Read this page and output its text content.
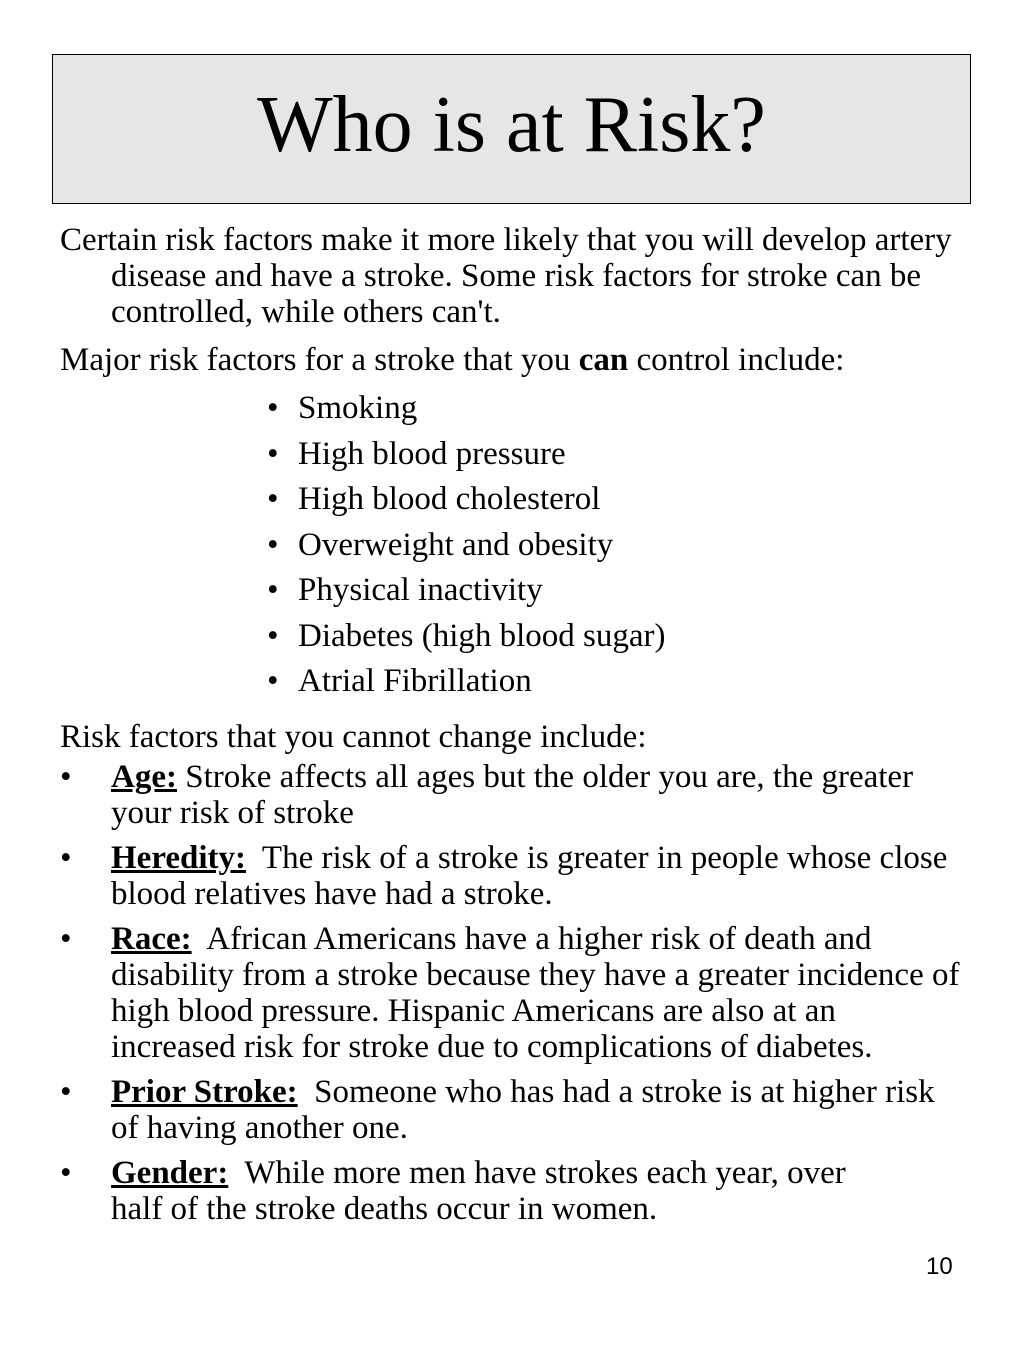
Who is at Risk?

Certain risk factors make it more likely that you will develop artery disease and have a stroke. Some risk factors for stroke can be controlled, while others can't.

Major risk factors for a stroke that you can control include:

• Smoking
• High blood pressure
• High blood cholesterol
• Overweight and obesity
• Physical inactivity
• Diabetes (high blood sugar)
• Atrial Fibrillation

Risk factors that you cannot change include:

• Age: Stroke affects all ages but the older you are, the greater your risk of stroke
• Heredity:  The risk of a stroke is greater in people whose close blood relatives have had a stroke.
• Race:  African Americans have a higher risk of death and disability from a stroke because they have a greater incidence of high blood pressure. Hispanic Americans are also at an increased risk for stroke due to complications of diabetes.
• Prior Stroke:  Someone who has had a stroke is at higher risk of having another one.
• Gender:  While more men have strokes each year, over half of the stroke deaths occur in women.
10
